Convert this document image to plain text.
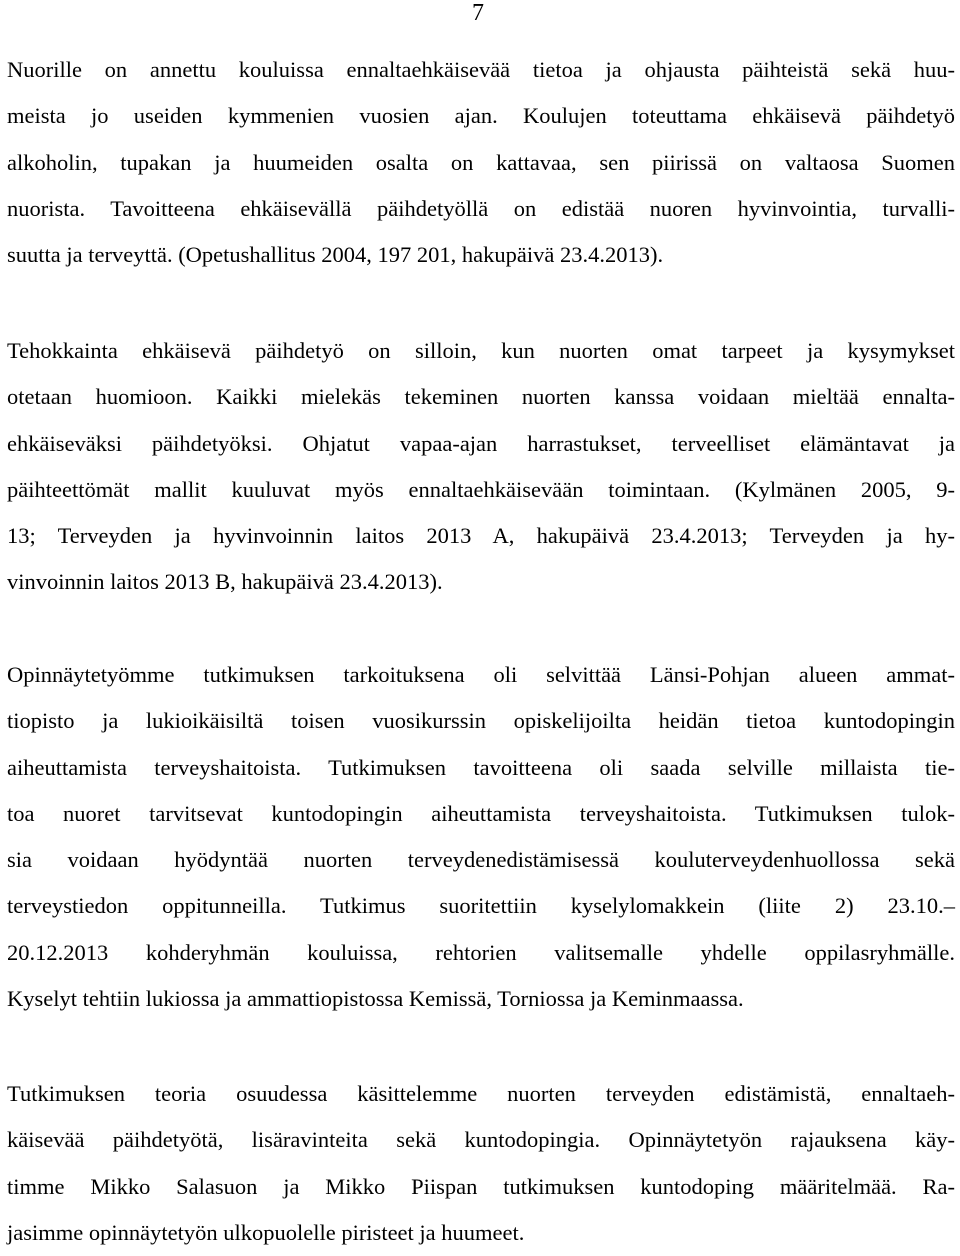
7
Nuorille on annettu kouluissa ennaltaehkäisevää tietoa ja ohjausta päihteistä sekä huu-
meista jo useiden kymmenien vuosien ajan. Koulujen toteuttama ehkäisevä päihdetyö
alkoholin, tupakan ja huumeiden osalta on kattavaa, sen piirissä on valtaosa Suomen
nuorista. Tavoitteena ehkäisevällä päihdetyöllä on edistää nuoren hyvinvointia, turvalli-
suutta ja terveyttä. (Opetushallitus 2004, 197 201, hakupäivä 23.4.2013).
Tehokkainta ehkäisevä päihdetyö on silloin, kun nuorten omat tarpeet ja kysymykset
otetaan huomioon. Kaikki mielekäs tekeminen nuorten kanssa voidaan mieltää ennalta-
ehkäiseväksi päihdetyöksi. Ohjatut vapaa-ajan harrastukset, terveelliset elämäntavat ja
päihteettömät mallit kuuluvat myös ennaltaehkäisevään toimintaan. (Kylmänen 2005, 9-
13; Terveyden ja hyvinvoinnin laitos 2013 A, hakupäivä 23.4.2013; Terveyden ja hy-
vinvoinnin laitos 2013 B, hakupäivä 23.4.2013).
Opinnäytetyömme tutkimuksen tarkoituksena oli selvittää Länsi-Pohjan alueen ammat-
tiopisto ja lukioikäisiltä toisen vuosikurssin opiskelijoilta heidän tietoa kuntodopingin
aiheuttamista terveyshaitoista. Tutkimuksen tavoitteena oli saada selville millaista tie-
toa nuoret tarvitsevat kuntodopingin aiheuttamista terveyshaitoista. Tutkimuksen tulok-
sia voidaan hyödyntää nuorten terveydenedistämisessä kouluterveydenhuollossa sekä
terveystiedon oppitunneilla. Tutkimus suoritettiin kyselylomakkein (liite 2) 23.10.–
20.12.2013 kohderyhmän kouluissa, rehtorien valitsemalle yhdelle oppilasryhmälle.
Kyselyt tehtiin lukiossa ja ammattiopistossa Kemissä, Torniossa ja Keminmaassa.
Tutkimuksen teoria osuudessa käsittelemme nuorten terveyden edistämistä, ennaltaeh-
käisevää päihdetyötä, lisäravinteita sekä kuntodopingia. Opinnäytetyön rajauksena käy-
timme Mikko Salasuon ja Mikko Piispan tutkimuksen kuntodoping määritelmää. Ra-
jasimme opinnäytetyön ulkopuolelle piristeet ja huumeet.
